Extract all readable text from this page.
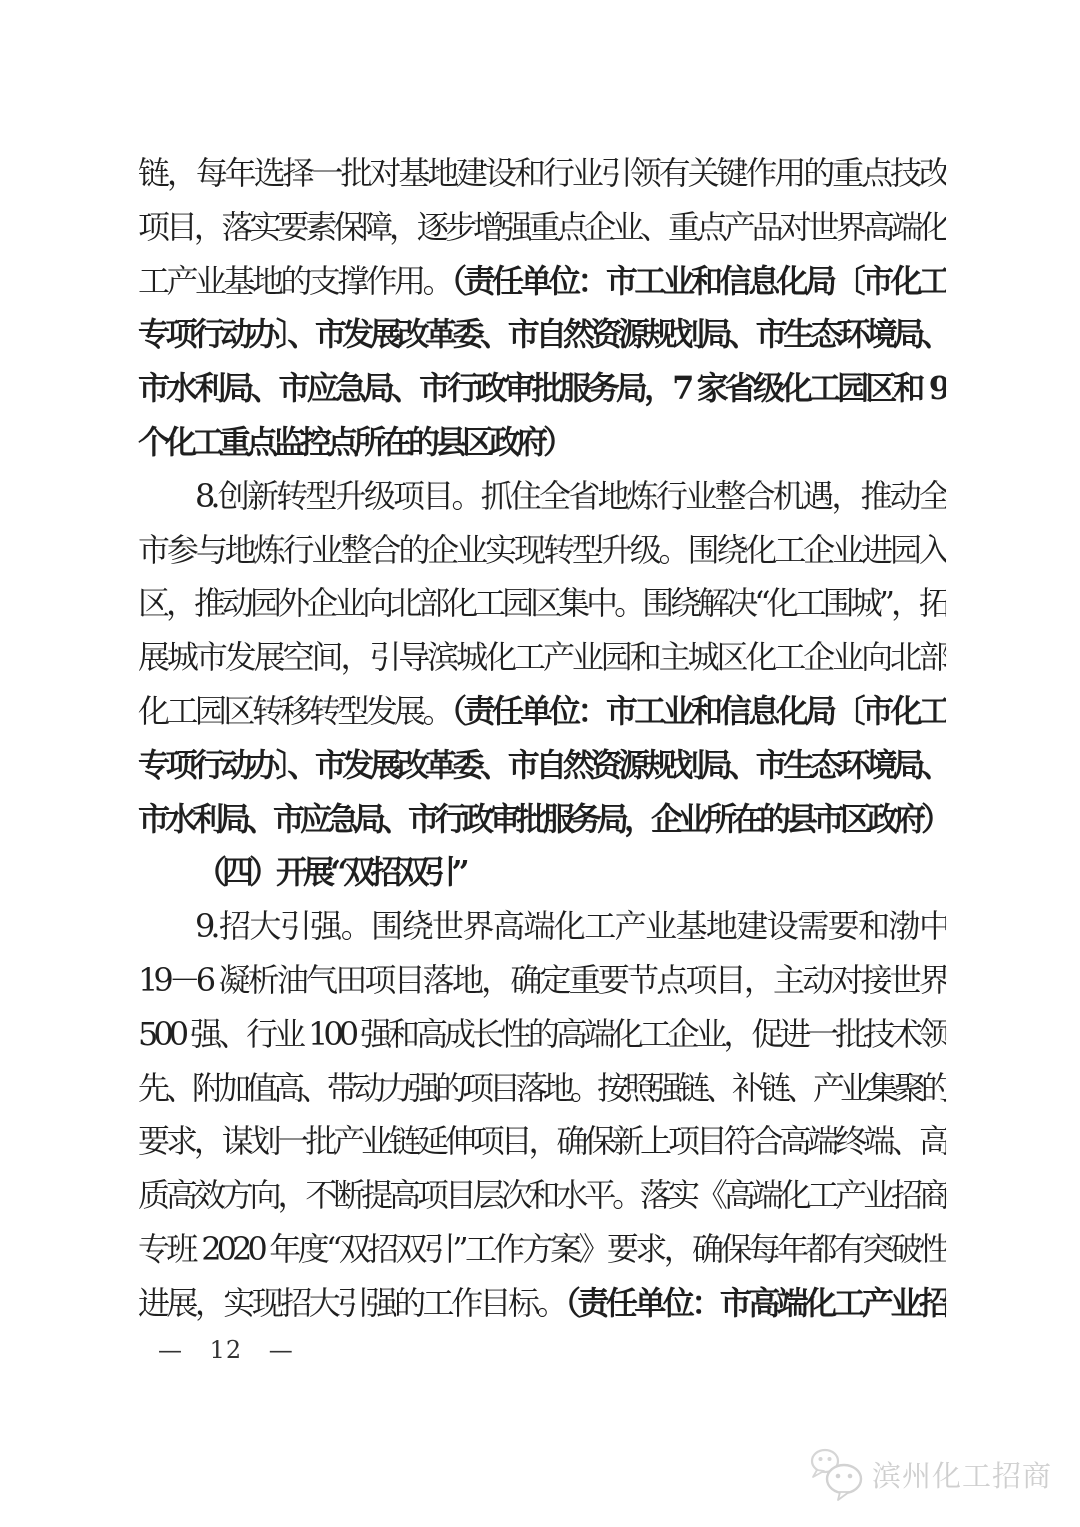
链，每年选择一批对基地建设和行业引领有关键作用的重点技改
项目，落实要素保障，逐步增强重点企业、重点产品对世界高端化
工产业基地的支撑作用。（责任单位：市工业和信息化局〔市化工
专项行动办〕、市发展改革委、市自然资源规划局、市生态环境局、
市水利局、市应急局、市行政审批服务局，7 家省级化工园区和 9
个化工重点监控点所在的县区政府）
8.创新转型升级项目。抓住全省地炼行业整合机遇，推动全
市参与地炼行业整合的企业实现转型升级。围绕化工企业进园入
区，推动园外企业向北部化工园区集中。围绕解决“化工围城”，拓
展城市发展空间，引导滨城化工产业园和主城区化工企业向北部
化工园区转移转型发展。（责任单位：市工业和信息化局〔市化工
专项行动办〕、市发展改革委、市自然资源规划局、市生态环境局、
市水利局、市应急局、市行政审批服务局，企业所在的县市区政府）
（四）开展“双招双引”
9.招大引强。围绕世界高端化工产业基地建设需要和渤中
19－6 凝析油气田项目落地，确定重要节点项目，主动对接世界
500 强、行业 100 强和高成长性的高端化工企业，促进一批技术领
先、附加值高、带动力强的项目落地。按照强链、补链、产业集聚的
要求，谋划一批产业链延伸项目，确保新上项目符合高端终端、高
质高效方向，不断提高项目层次和水平。落实《高端化工产业招商
专班 2020 年度“双招双引”工作方案》要求，确保每年都有突破性
进展，实现招大引强的工作目标。（责任单位：市高端化工产业招
— 12 —
滨州化工招商
